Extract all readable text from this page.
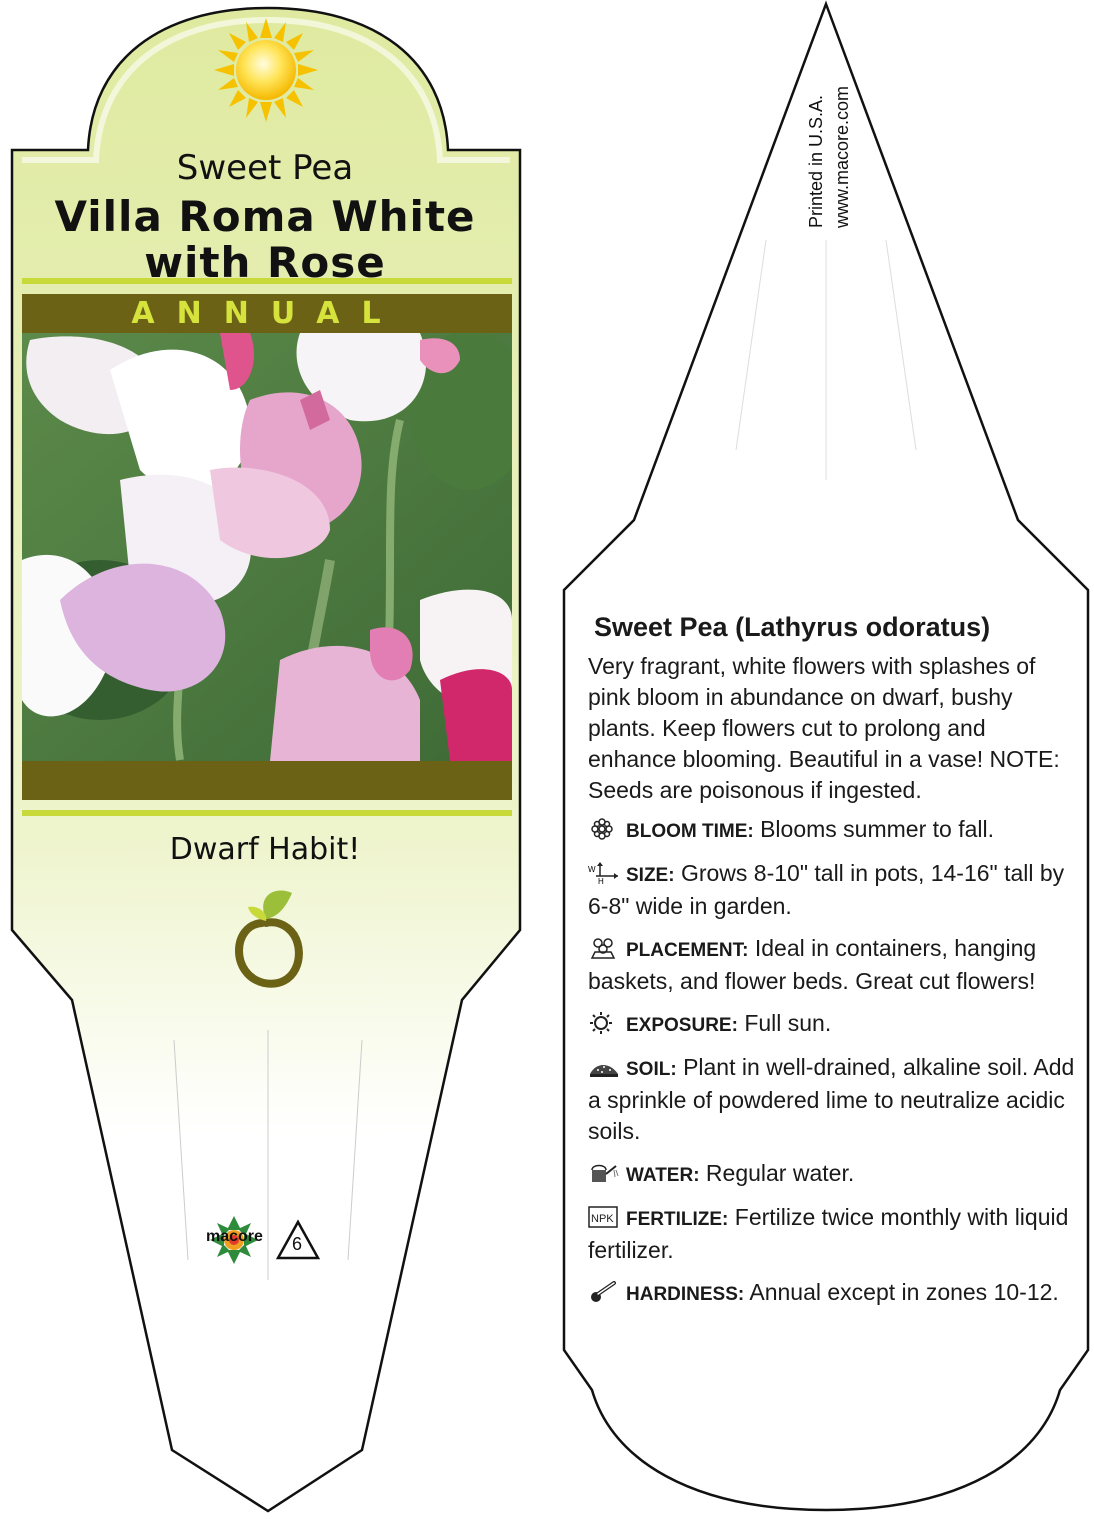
Sweet Pea
Villa Roma White
with Rose
ANNUAL
Dwarf Habit!
macore 6
Printed in U.S.A. www.macore.com
Sweet Pea (Lathyrus odoratus)
Very fragrant, white flowers with splashes of pink bloom in abundance on dwarf, bushy plants. Keep flowers cut to prolong and enhance blooming. Beautiful in a vase! NOTE: Seeds are poisonous if ingested.
BLOOM TIME: Blooms summer to fall.
W
H SIZE: Grows 8-10" tall in pots, 14-16" tall by 6-8" wide in garden.
PLACEMENT: Ideal in containers, hanging baskets, and flower beds. Great cut flowers!
EXPOSURE: Full sun.
SOIL: Plant in well-drained, alkaline soil. Add a sprinkle of powdered lime to neutralize acidic soils.
WATER: Regular water.
NPK FERTILIZE: Fertilize twice monthly with liquid fertilizer.
HARDINESS: Annual except in zones 10-12.
